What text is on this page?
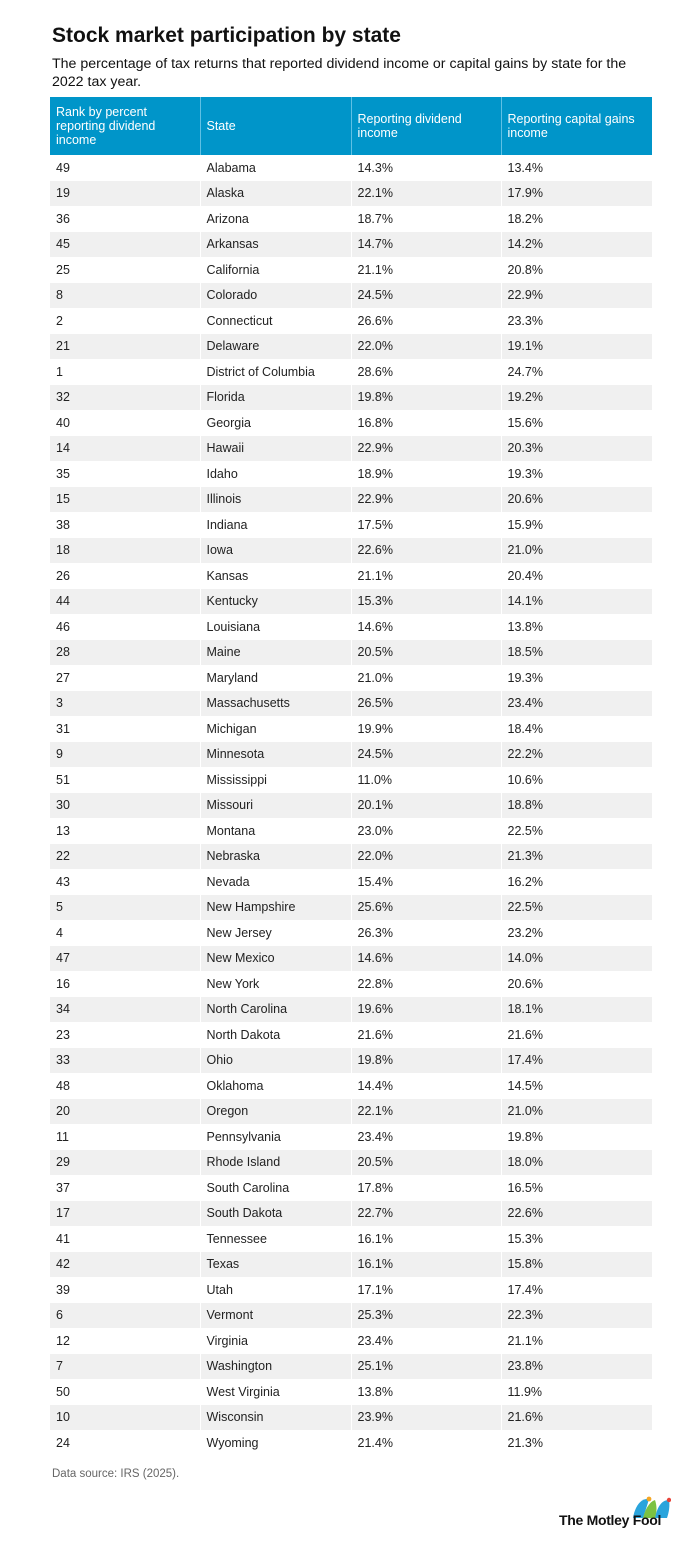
Stock market participation by state
The percentage of tax returns that reported dividend income or capital gains by state for the 2022 tax year.
Rank by percent reporting dividend income	State	Reporting dividend income	Reporting capital gains income
49	Alabama	14.3%	13.4%
19	Alaska	22.1%	17.9%
36	Arizona	18.7%	18.2%
45	Arkansas	14.7%	14.2%
25	California	21.1%	20.8%
8	Colorado	24.5%	22.9%
2	Connecticut	26.6%	23.3%
21	Delaware	22.0%	19.1%
1	District of Columbia	28.6%	24.7%
32	Florida	19.8%	19.2%
40	Georgia	16.8%	15.6%
14	Hawaii	22.9%	20.3%
35	Idaho	18.9%	19.3%
15	Illinois	22.9%	20.6%
38	Indiana	17.5%	15.9%
18	Iowa	22.6%	21.0%
26	Kansas	21.1%	20.4%
44	Kentucky	15.3%	14.1%
46	Louisiana	14.6%	13.8%
28	Maine	20.5%	18.5%
27	Maryland	21.0%	19.3%
3	Massachusetts	26.5%	23.4%
31	Michigan	19.9%	18.4%
9	Minnesota	24.5%	22.2%
51	Mississippi	11.0%	10.6%
30	Missouri	20.1%	18.8%
13	Montana	23.0%	22.5%
22	Nebraska	22.0%	21.3%
43	Nevada	15.4%	16.2%
5	New Hampshire	25.6%	22.5%
4	New Jersey	26.3%	23.2%
47	New Mexico	14.6%	14.0%
16	New York	22.8%	20.6%
34	North Carolina	19.6%	18.1%
23	North Dakota	21.6%	21.6%
33	Ohio	19.8%	17.4%
48	Oklahoma	14.4%	14.5%
20	Oregon	22.1%	21.0%
11	Pennsylvania	23.4%	19.8%
29	Rhode Island	20.5%	18.0%
37	South Carolina	17.8%	16.5%
17	South Dakota	22.7%	22.6%
41	Tennessee	16.1%	15.3%
42	Texas	16.1%	15.8%
39	Utah	17.1%	17.4%
6	Vermont	25.3%	22.3%
12	Virginia	23.4%	21.1%
7	Washington	25.1%	23.8%
50	West Virginia	13.8%	11.9%
10	Wisconsin	23.9%	21.6%
24	Wyoming	21.4%	21.3%
Data source: IRS (2025).
The Motley Fool
